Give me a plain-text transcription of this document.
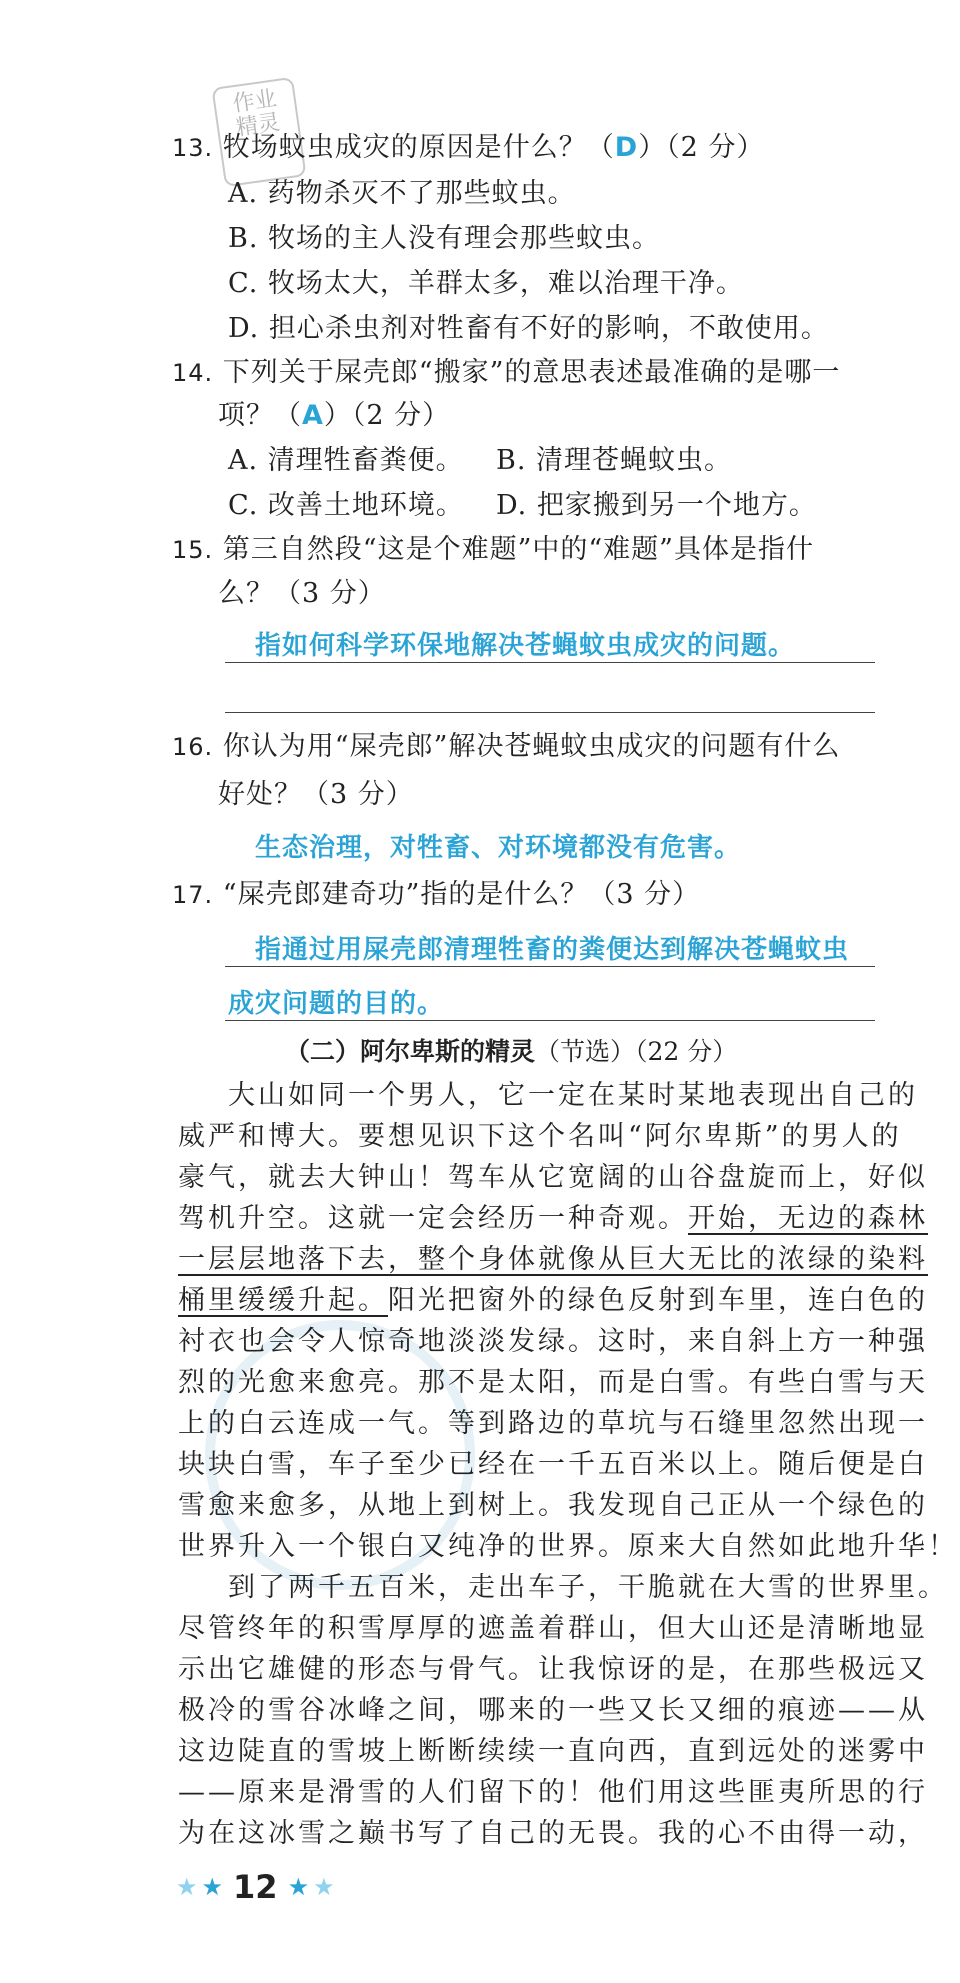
作业
精灵
13. 牧场蚊虫成灾的原因是什么？（D）（2 分）
A. 药物杀灭不了那些蚊虫。
B. 牧场的主人没有理会那些蚊虫。
C. 牧场太大，羊群太多，难以治理干净。
D. 担心杀虫剂对牲畜有不好的影响，不敢使用。
14. 下列关于屎壳郎“搬家”的意思表述最准确的是哪一
项？（A）（2 分）
A. 清理牲畜粪便。 B. 清理苍蝇蚊虫。
C. 改善土地环境。 D. 把家搬到另一个地方。
15. 第三自然段“这是个难题”中的“难题”具体是指什
么？（3 分）
指如何科学环保地解决苍蝇蚊虫成灾的问题。
16. 你认为用“屎壳郎”解决苍蝇蚊虫成灾的问题有什么
好处？（3 分）
生态治理，对牲畜、对环境都没有危害。
17. “屎壳郎建奇功”指的是什么？（3 分）
指通过用屎壳郎清理牲畜的粪便达到解决苍蝇蚊虫
成灾问题的目的。
（二）阿尔卑斯的精灵（节选）（22 分）
大山如同一个男人，它一定在某时某地表现出自己的
威严和博大。要想见识下这个名叫“阿尔卑斯”的男人的
豪气，就去大钟山！驾车从它宽阔的山谷盘旋而上，好似
驾机升空。这就一定会经历一种奇观。开始，无边的森林
一层层地落下去，整个身体就像从巨大无比的浓绿的染料
桶里缓缓升起。阳光把窗外的绿色反射到车里，连白色的
衬衣也会令人惊奇地淡淡发绿。这时，来自斜上方一种强
烈的光愈来愈亮。那不是太阳，而是白雪。有些白雪与天
上的白云连成一气。等到路边的草坑与石缝里忽然出现一
块块白雪，车子至少已经在一千五百米以上。随后便是白
雪愈来愈多，从地上到树上。我发现自己正从一个绿色的
世界升入一个银白又纯净的世界。原来大自然如此地升华！
到了两千五百米，走出车子，干脆就在大雪的世界里。
尽管终年的积雪厚厚的遮盖着群山，但大山还是清晰地显
示出它雄健的形态与骨气。让我惊讶的是，在那些极远又
极冷的雪谷冰峰之间，哪来的一些又长又细的痕迹——从
这边陡直的雪坡上断断续续一直向西，直到远处的迷雾中
——原来是滑雪的人们留下的！他们用这些匪夷所思的行
为在这冰雪之巅书写了自己的无畏。我的心不由得一动，
★ ★ 12 ★ ★
